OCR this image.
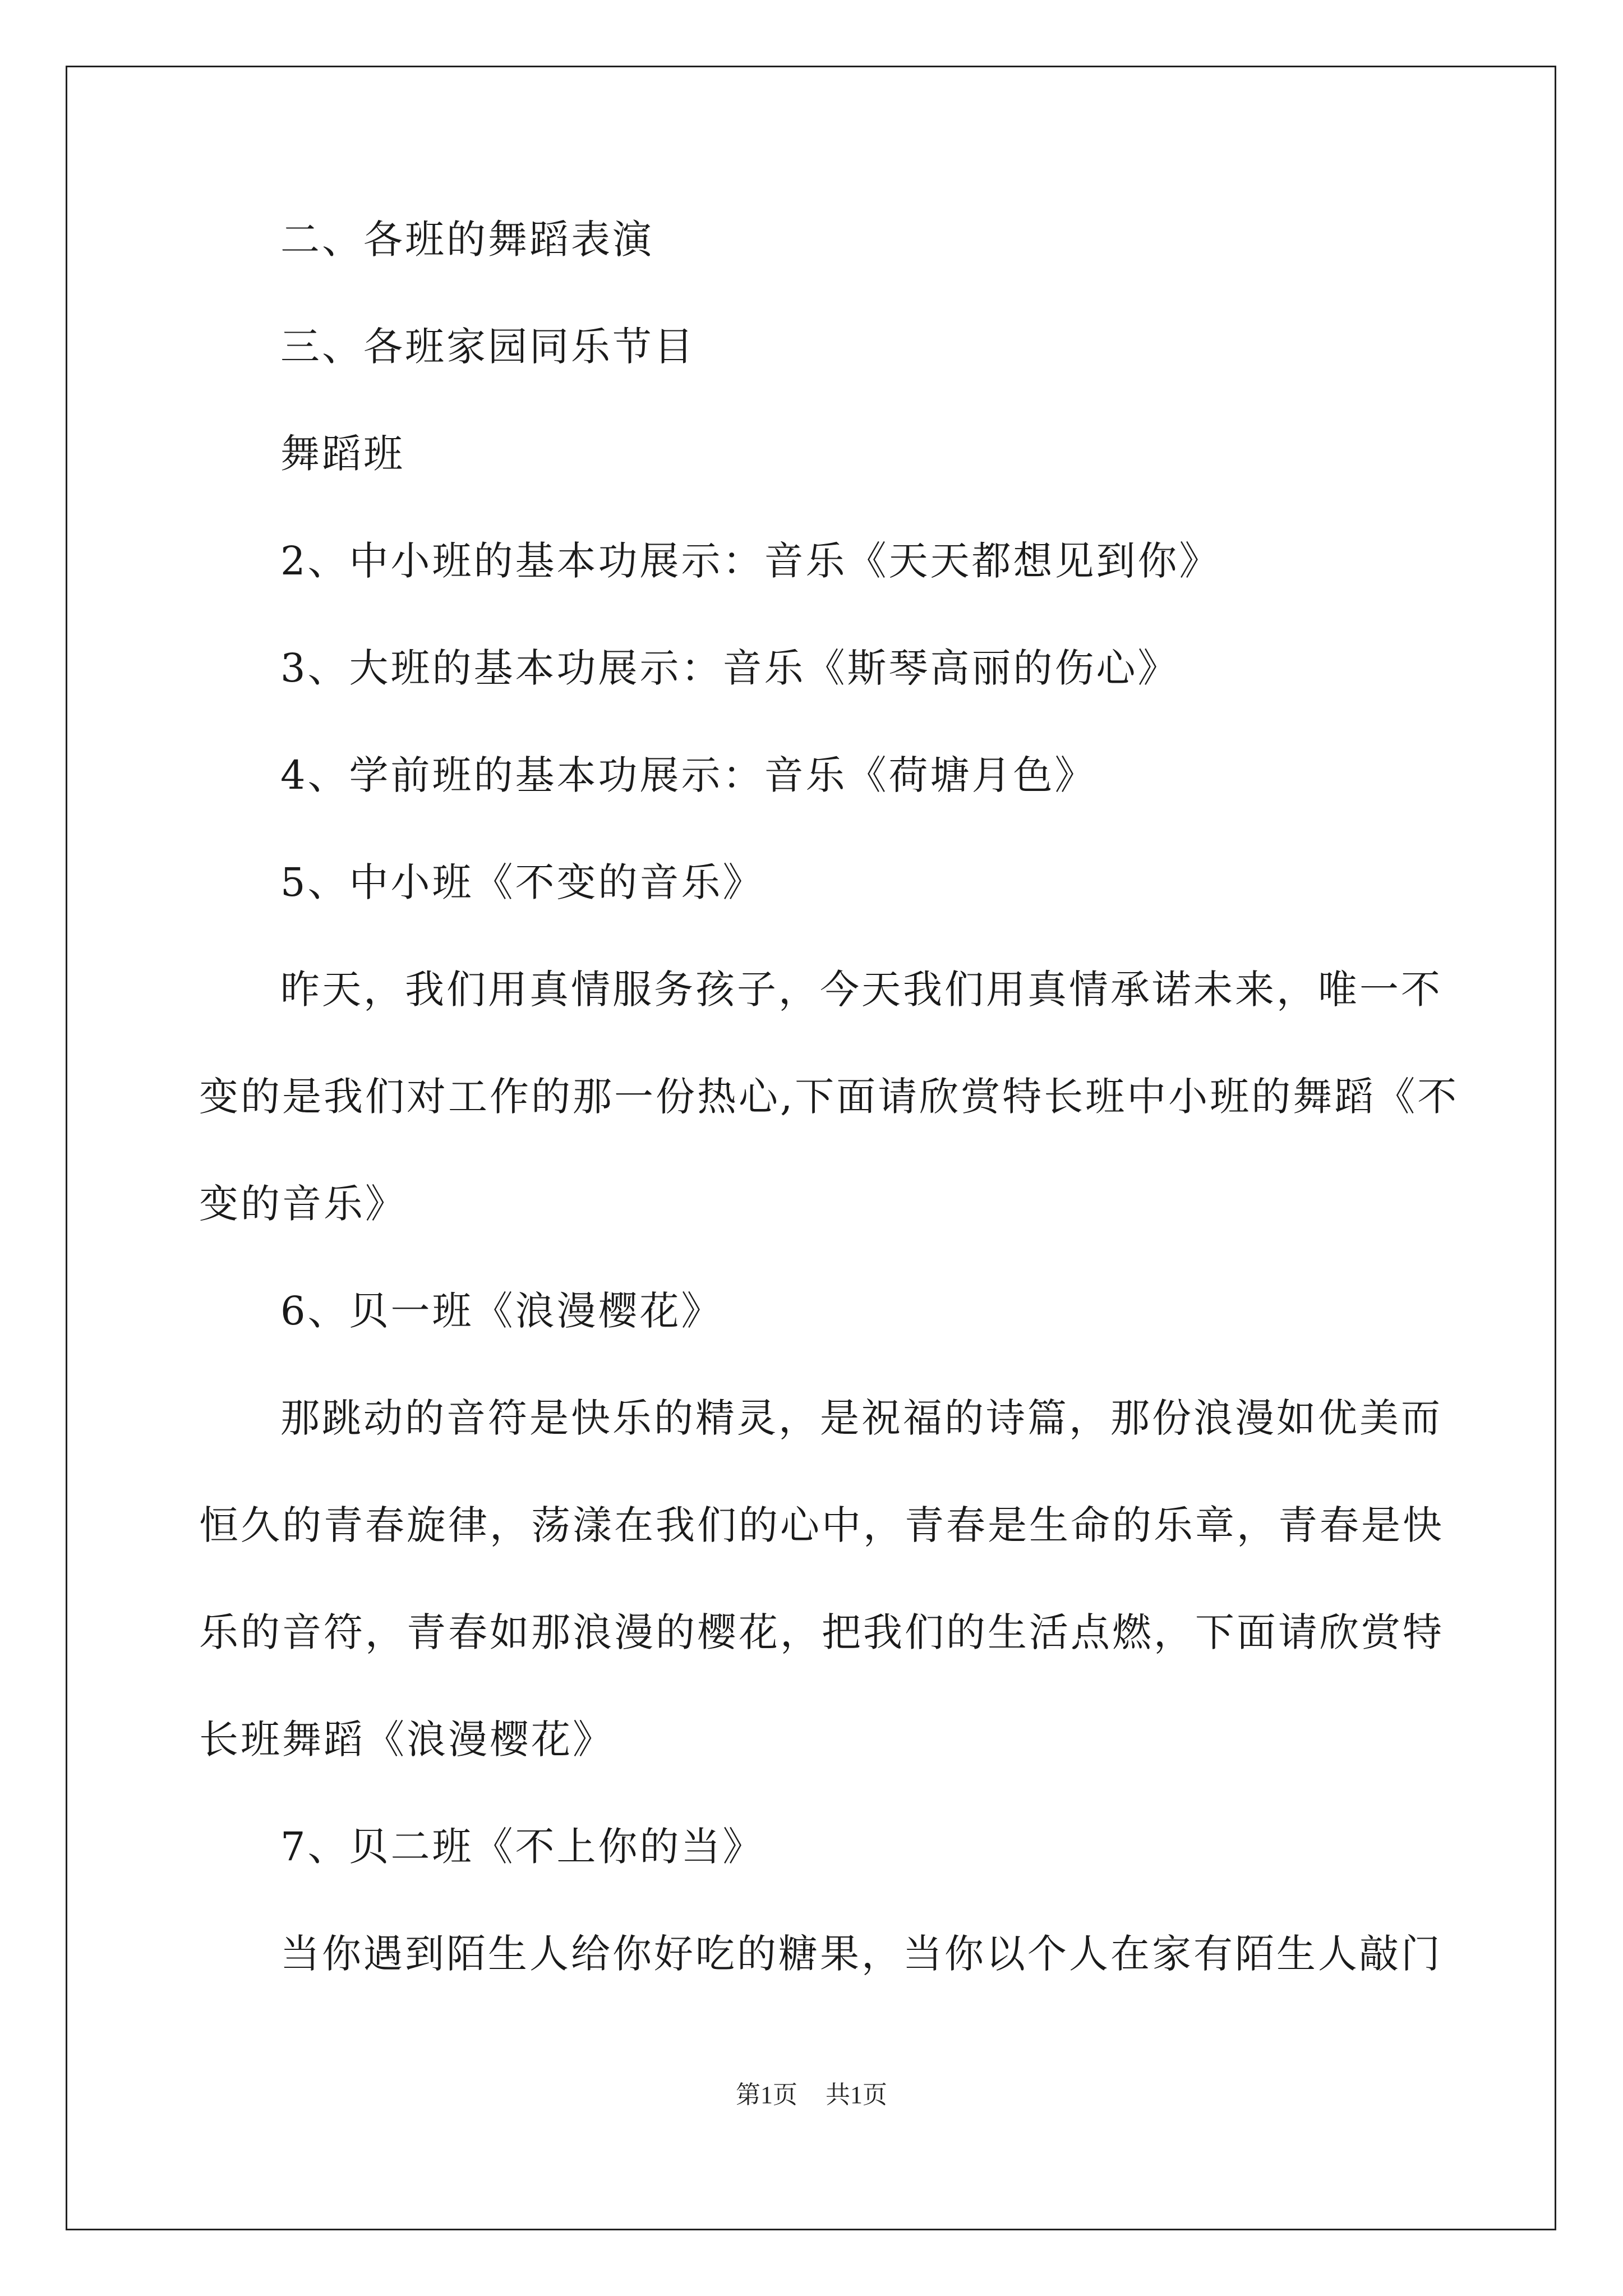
二、各班的舞蹈表演
三、各班家园同乐节目
舞蹈班
2、中小班的基本功展示：音乐《天天都想见到你》
3、大班的基本功展示：音乐《斯琴高丽的伤心》
4、学前班的基本功展示：音乐《荷塘月色》
5、中小班《不变的音乐》
昨天，我们用真情服务孩子，今天我们用真情承诺未来，唯一不
变的是我们对工作的那一份热心,下面请欣赏特长班中小班的舞蹈《不
变的音乐》
6、贝一班《浪漫樱花》
那跳动的音符是快乐的精灵，是祝福的诗篇，那份浪漫如优美而
恒久的青春旋律，荡漾在我们的心中，青春是生命的乐章，青春是快
乐的音符，青春如那浪漫的樱花，把我们的生活点燃，下面请欣赏特
长班舞蹈《浪漫樱花》
7、贝二班《不上你的当》
当你遇到陌生人给你好吃的糖果，当你以个人在家有陌生人敲门
第1页 共1页
